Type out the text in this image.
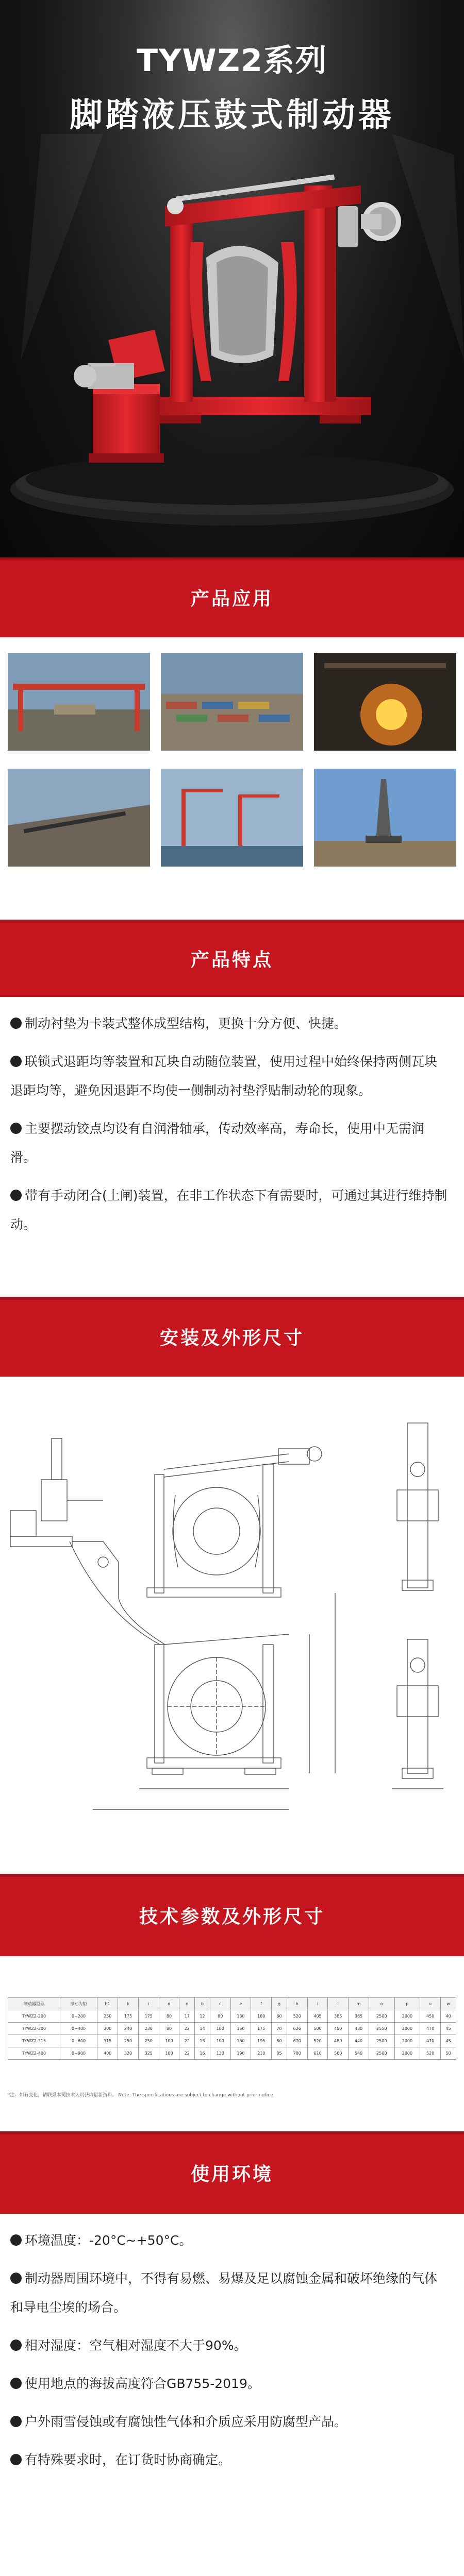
TYWZ2系列
脚踏液压鼓式制动器
产品应用
产品特点

制动衬垫为卡装式整体成型结构，更换十分方便、快捷。

联锁式退距均等装置和瓦块自动随位装置，使用过程中始终保持两侧瓦块退距均等，避免因退距不均使一侧制动衬垫浮贴制动轮的现象。

主要摆动铰点均设有自润滑轴承，传动效率高，寿命长，使用中无需润滑。

带有手动闭合(上闸)装置，在非工作状态下有需要时，可通过其进行维持制动。

安装及外形尺寸
技术参数及外形尺寸
制动器型号	制动力矩	h1	k	i	d	n	b	c	e	f	g	h	i	l	m	o	p	u	w
TYWZ2-200	0~200	250	175	175	80	17	12	80	130	160	60	520	405	385	365	2500	2000	450	40
TYWZ2-300	0~400	300	240	230	80	22	14	100	150	175	70	626	500	450	430	2550	2000	470	45
TYWZ2-315	0~600	315	250	250	100	22	15	100	160	195	80	670	520	480	440	2500	2000	470	45
TYWZ2-400	0~900	400	320	325	100	22	16	130	190	210	85	780	610	560	540	2500	2000	520	50
*注：如有变化，请联系本司技术人员获取最新资料。 Note: The specifications are subject to change without prior notice.
使用环境

环境温度：-20°C~+50°C。

制动器周围环境中，不得有易燃、易爆及足以腐蚀金属和破坏绝缘的气体和导电尘埃的场合。

相对湿度：空气相对湿度不大于90%。

使用地点的海拔高度符合GB755-2019。

户外雨雪侵蚀或有腐蚀性气体和介质应采用防腐型产品。

有特殊要求时，在订货时协商确定。
